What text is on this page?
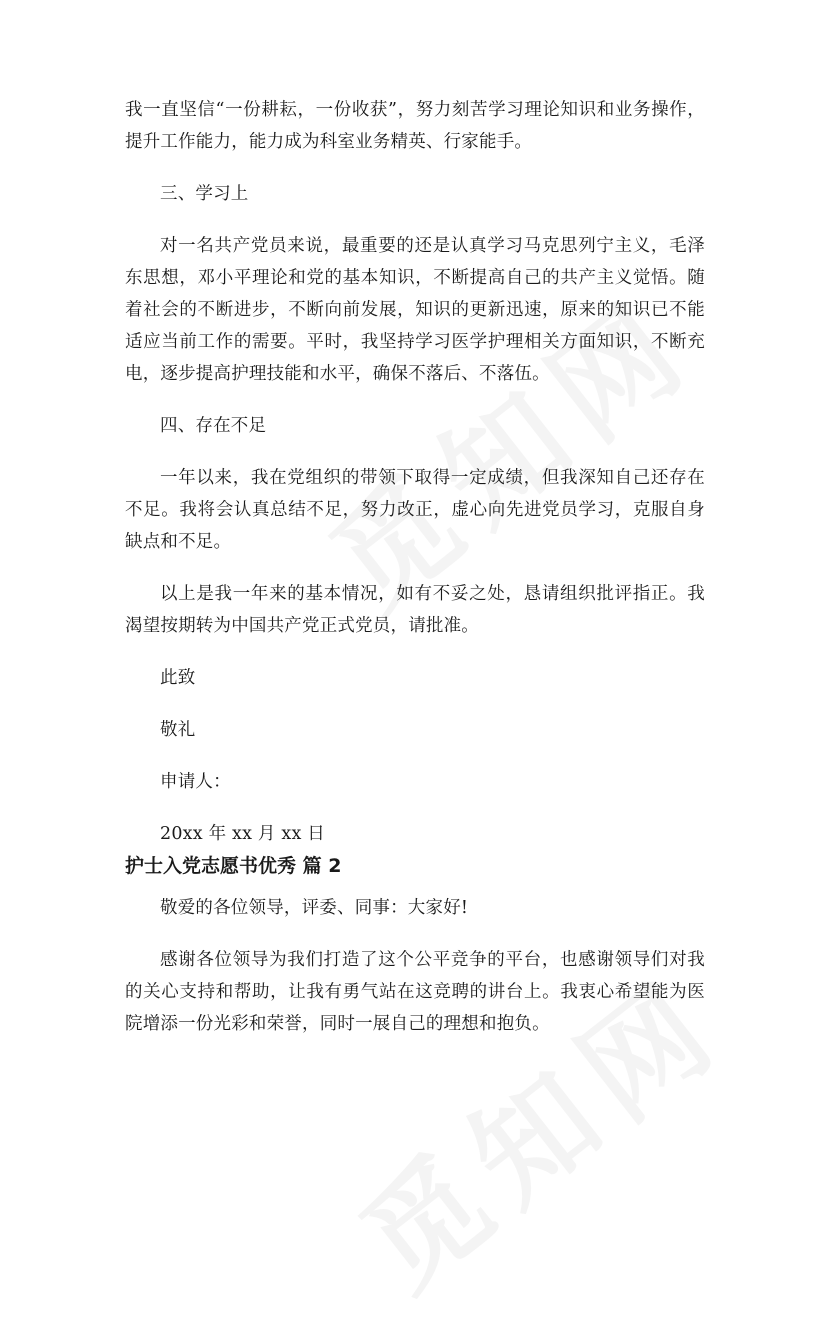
我一直坚信“一份耕耘，一份收获”，努力刻苦学习理论知识和业务操作，提升工作能力，能力成为科室业务精英、行家能手。

三、学习上

对一名共产党员来说，最重要的还是认真学习马克思列宁主义，毛泽东思想，邓小平理论和党的基本知识，不断提高自己的共产主义觉悟。随着社会的不断进步，不断向前发展，知识的更新迅速，原来的知识已不能适应当前工作的需要。平时，我坚持学习医学护理相关方面知识，不断充电，逐步提高护理技能和水平，确保不落后、不落伍。

四、存在不足

一年以来，我在党组织的带领下取得一定成绩，但我深知自己还存在不足。我将会认真总结不足，努力改正，虚心向先进党员学习，克服自身缺点和不足。

以上是我一年来的基本情况，如有不妥之处，恳请组织批评指正。我渴望按期转为中国共产党正式党员，请批准。

此致

敬礼

申请人：

20xx 年 xx 月 xx 日

护士入党志愿书优秀 篇 2

敬爱的各位领导，评委、同事：大家好!

感谢各位领导为我们打造了这个公平竞争的平台，也感谢领导们对我的关心支持和帮助，让我有勇气站在这竞聘的讲台上。我衷心希望能为医院增添一份光彩和荣誉，同时一展自己的理想和抱负。
